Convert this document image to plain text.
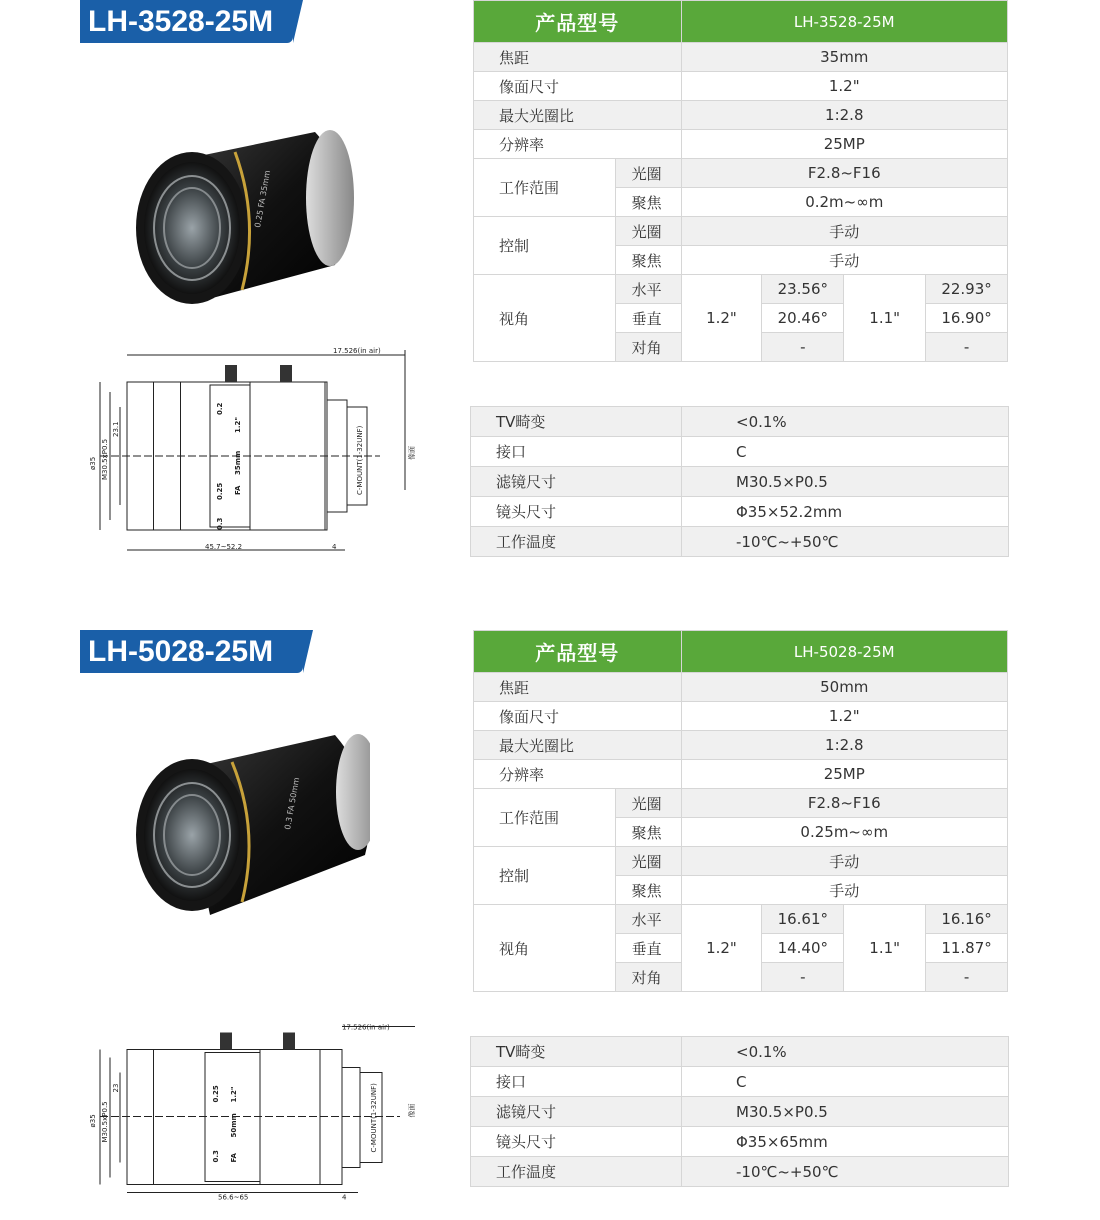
LH-3528-25M
0.25 FA 35mm
17.526(in air)
45.7~52.2	4
ø35 M30.5xP0.5
23.1	C-MOUNT(1-32UNF)	像面
0.2
1.2"
0.25 FA
35mm
0.3
产品型号		LH-3528-25M			
焦距		35mm			
像面尺寸		1.2"			
最大光圈比		1:2.8			
分辨率		25MP			
工作范围	光圈	F2.8~F16			
	聚焦	0.2m~∞m			
控制	光圈	手动			
	聚焦	手动			
视角	水平	1.2"	23.56°	1.1"	22.93°
	垂直		20.46°		16.90°
	对角		-		-
TV畸变	<0.1%
接口	C
滤镜尺寸	M30.5×P0.5
镜头尺寸	Φ35×52.2mm
工作温度	-10℃~+50℃
LH-5028-25M
0.3 FA 50mm
17.526(in air)
56.6~65	4
ø35 M30.5xP0.5
23	C-MOUNT(1-32UNF)	像面
0.25 1.2"
0.3 FA
50mm
产品型号		LH-5028-25M			
焦距		50mm			
像面尺寸		1.2"			
最大光圈比		1:2.8			
分辨率		25MP			
工作范围	光圈	F2.8~F16			
	聚焦	0.25m~∞m			
控制	光圈	手动			
	聚焦	手动			
视角	水平	1.2"	16.61°	1.1"	16.16°
	垂直		14.40°		11.87°
	对角		-		-
TV畸变	<0.1%
接口	C
滤镜尺寸	M30.5×P0.5
镜头尺寸	Φ35×65mm
工作温度	-10℃~+50℃
